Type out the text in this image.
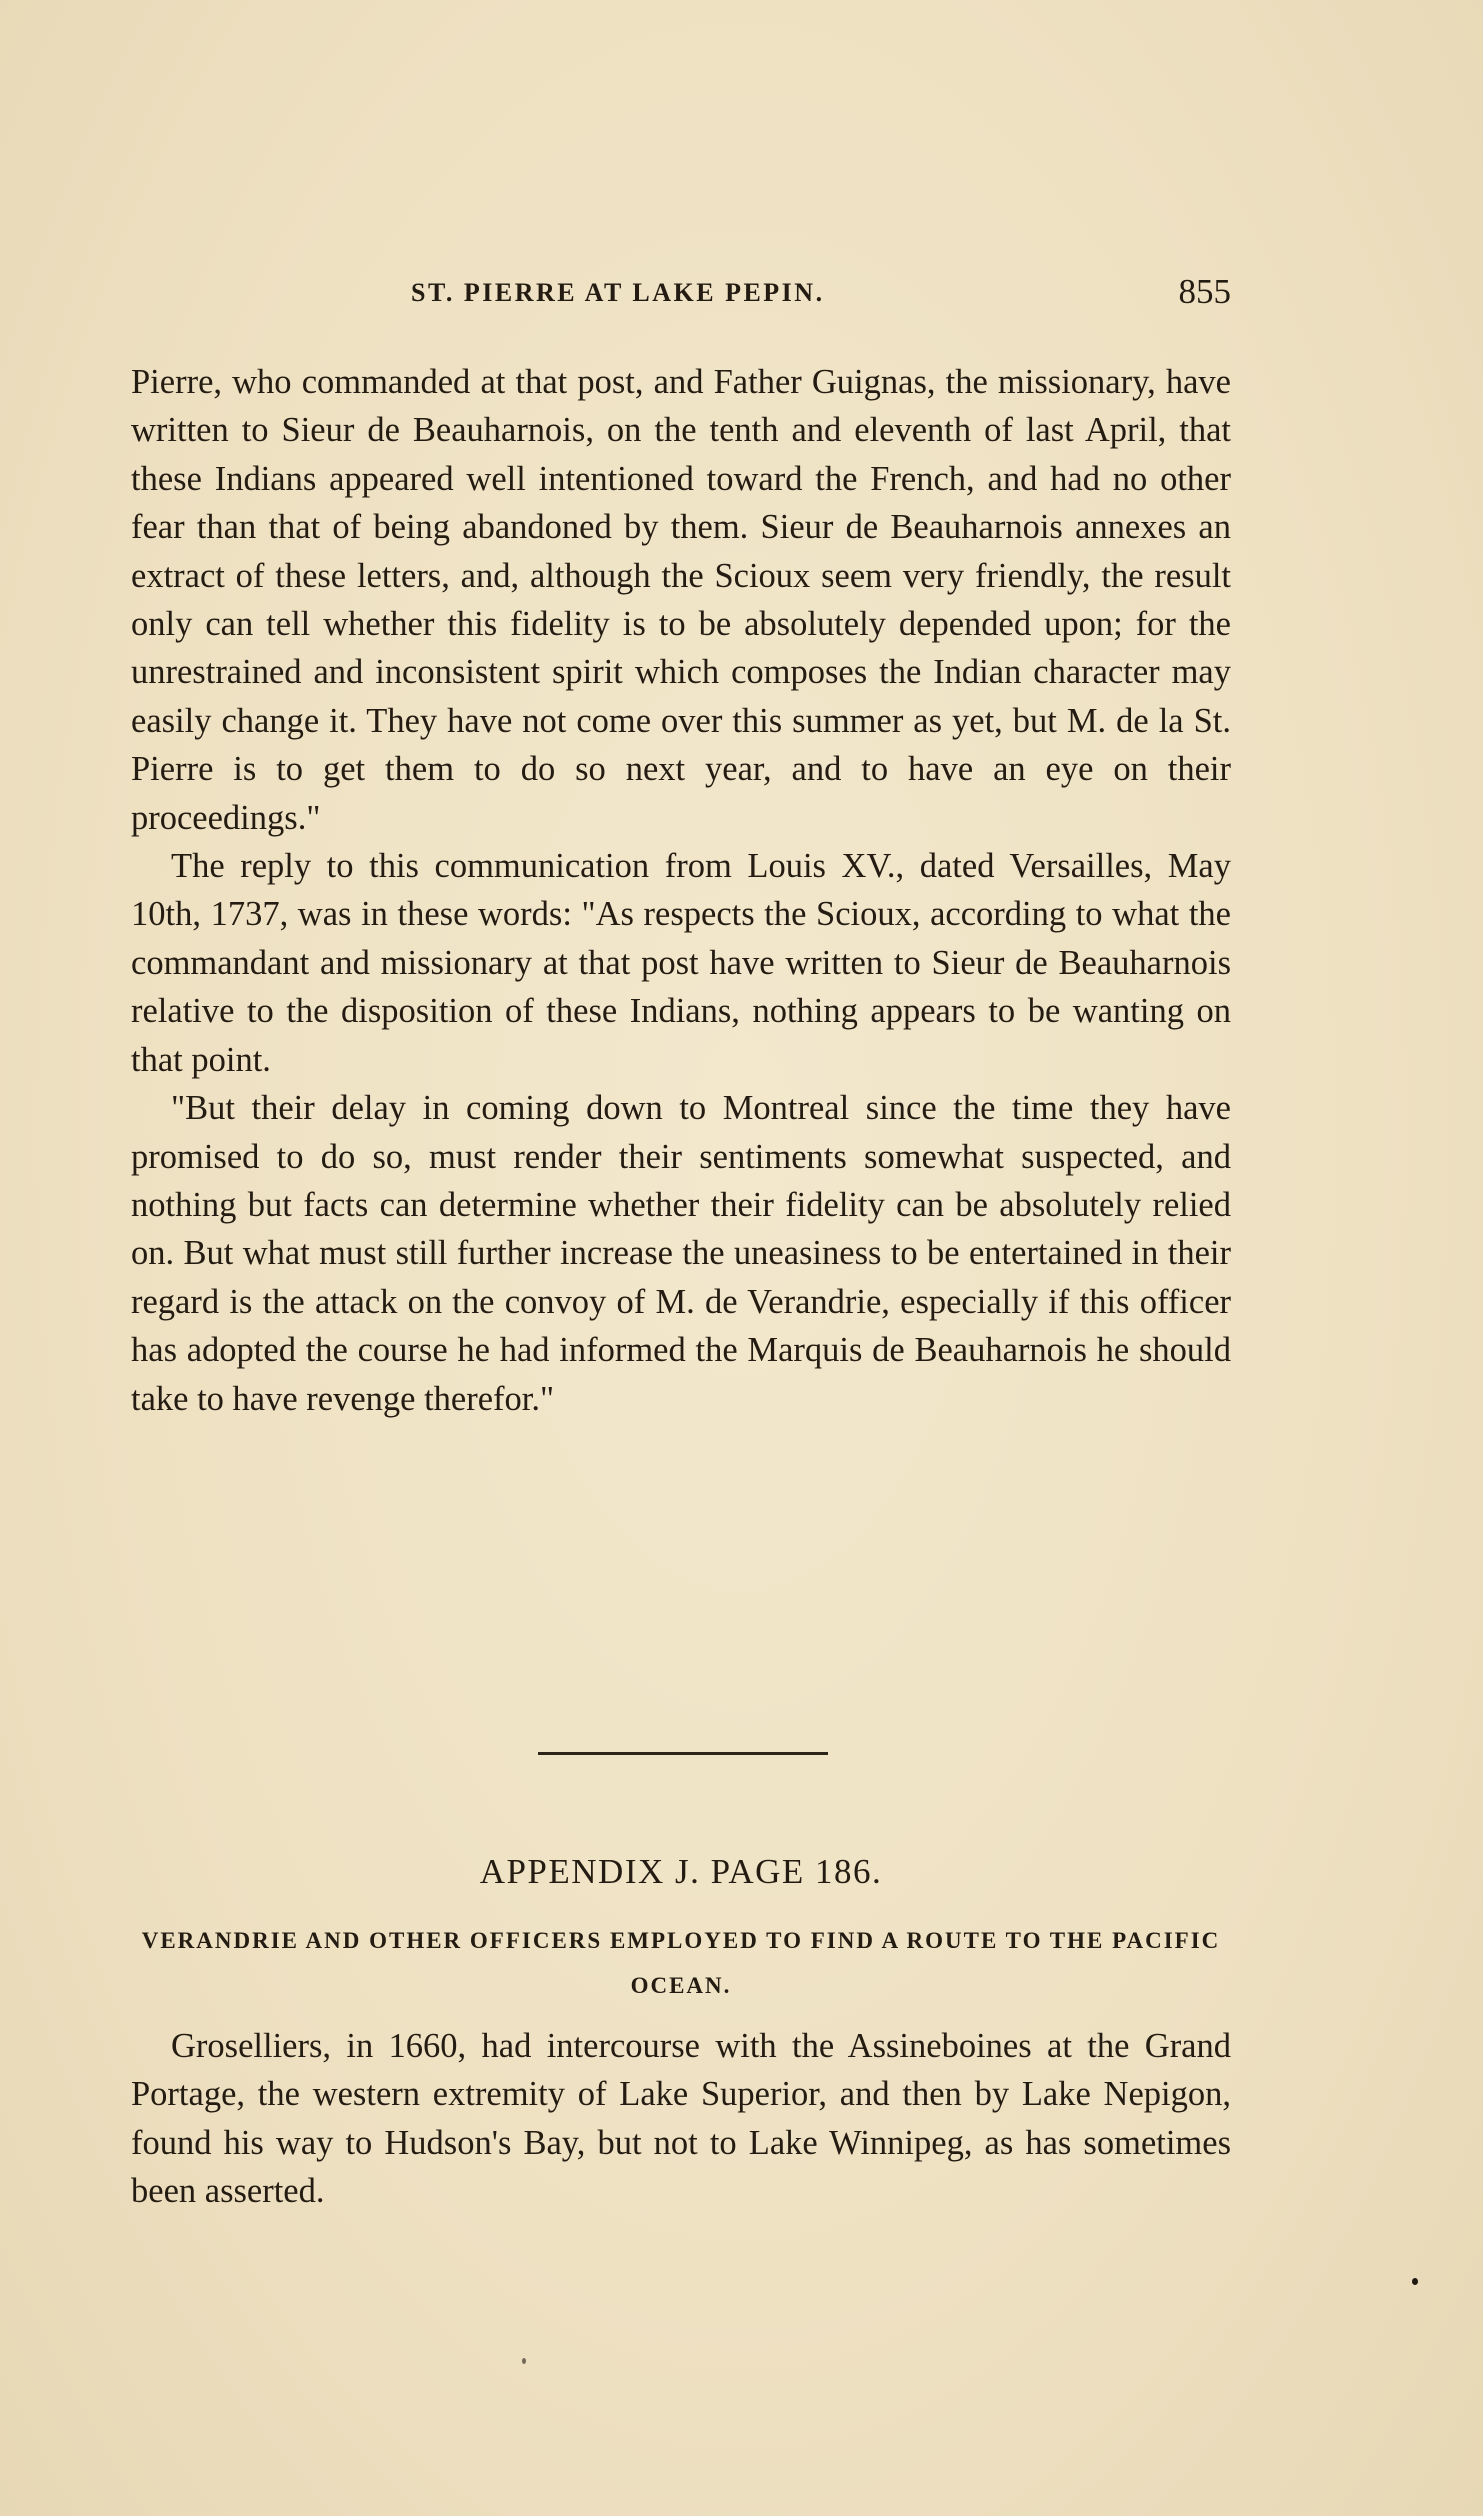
ST. PIERRE AT LAKE PEPIN.	855

Pierre, who commanded at that post, and Father Guignas, the missionary, have written to Sieur de Beauharnois, on the tenth and eleventh of last April, that these Indians appeared well intentioned toward the French, and had no other fear than that of being abandoned by them. Sieur de Beauharnois annexes an extract of these letters, and, although the Scioux seem very friendly, the result only can tell whether this fidelity is to be absolutely depended upon; for the unrestrained and inconsistent spirit which composes the Indian character may easily change it. They have not come over this summer as yet, but M. de la St. Pierre is to get them to do so next year, and to have an eye on their proceedings."

The reply to this communication from Louis XV., dated Versailles, May 10th, 1737, was in these words: "As respects the Scioux, according to what the commandant and missionary at that post have written to Sieur de Beauharnois relative to the disposition of these Indians, nothing appears to be wanting on that point.

"But their delay in coming down to Montreal since the time they have promised to do so, must render their sentiments somewhat suspected, and nothing but facts can determine whether their fidelity can be absolutely relied on. But what must still further increase the uneasiness to be entertained in their regard is the attack on the convoy of M. de Verandrie, especially if this officer has adopted the course he had informed the Marquis de Beauharnois he should take to have revenge therefor."

APPENDIX J. PAGE 186.

VERANDRIE AND OTHER OFFICERS EMPLOYED TO FIND A ROUTE TO THE PACIFIC OCEAN.

Groselliers, in 1660, had intercourse with the Assineboines at the Grand Portage, the western extremity of Lake Superior, and then by Lake Nepigon, found his way to Hudson's Bay, but not to Lake Winnipeg, as has sometimes been asserted.
